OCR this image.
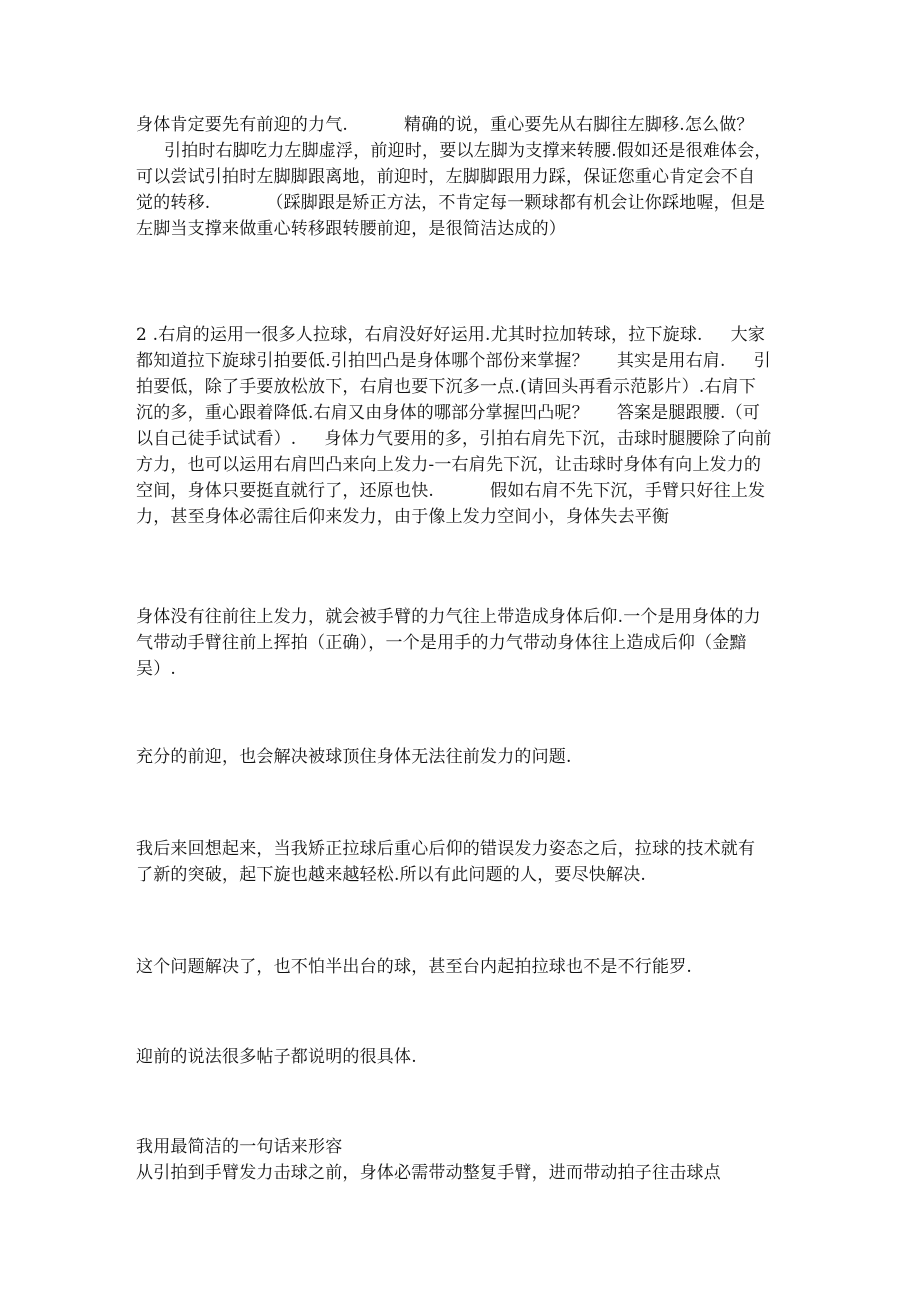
身体肯定要先有前迎的力气.	精确的说，重心要先从右脚往左脚移.怎么做？引拍时右脚吃力左脚虚浮，前迎时，要以左脚为支撑来转腰.假如还是很难体会，可以尝试引拍时左脚脚跟离地，前迎时，左脚脚跟用力踩，保证您重心肯定会不自觉的转移.	（踩脚跟是矫正方法，不肯定每一颗球都有机会让你踩地喔，但是左脚当支撑来做重心转移跟转腰前迎，是很简洁达成的）

2 .右肩的运用一很多人拉球，右肩没好好运用.尤其时拉加转球，拉下旋球. 大家都知道拉下旋球引拍要低.引拍凹凸是身体哪个部份来掌握？ 其实是用右肩. 引拍要低，除了手要放松放下，右肩也要下沉多一点.(请回头再看示范影片）.右肩下沉的多，重心跟着降低.右肩又由身体的哪部分掌握凹凸呢？ 答案是腿跟腰.（可以自己徒手试试看）. 身体力气要用的多，引拍右肩先下沉，击球时腿腰除了向前方力，也可以运用右肩凹凸来向上发力-一右肩先下沉，让击球时身体有向上发力的空间，身体只要挺直就行了，还原也快.	假如右肩不先下沉，手臂只好往上发力，甚至身体必需往后仰来发力，由于像上发力空间小，身体失去平衡

身体没有往前往上发力，就会被手臂的力气往上带造成身体后仰.一个是用身体的力气带动手臂往前上挥拍（正确），一个是用手的力气带动身体往上造成后仰（金黯吴）.

充分的前迎，也会解决被球顶住身体无法往前发力的问题.

我后来回想起来，当我矫正拉球后重心后仰的错误发力姿态之后，拉球的技术就有了新的突破，起下旋也越来越轻松.所以有此问题的人，要尽快解决.

这个问题解决了，也不怕半出台的球，甚至台内起拍拉球也不是不行能罗.

迎前的说法很多帖子都说明的很具体.

我用最简洁的一句话来形容
从引拍到手臂发力击球之前，身体必需带动整复手臂，进而带动拍子往击球点
